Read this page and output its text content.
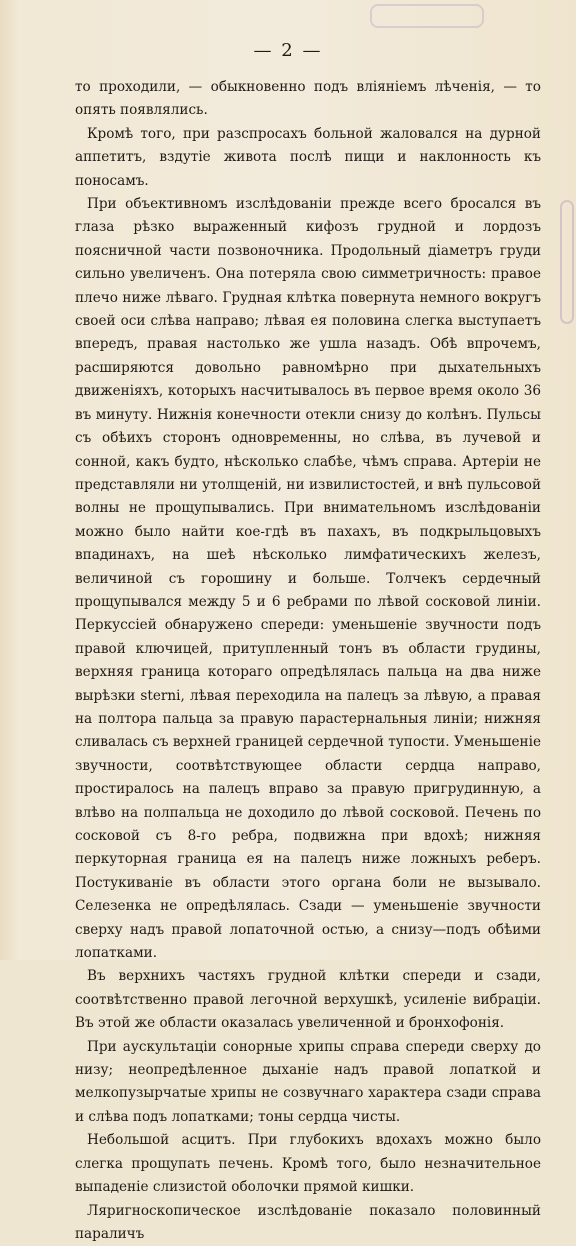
— 2 —

то проходили, — обыкновенно подъ вліяніемъ лѣченія, — то опять появлялись.

Кромѣ того, при разспросахъ больной жаловался на дурной аппетитъ, вздутіе живота послѣ пищи и наклонность къ поносамъ.

При объективномъ изслѣдованіи прежде всего бросался въ глаза рѣзко выраженный кифозъ грудной и лордозъ поясничной части позвоночника. Продольный діаметръ груди сильно увеличенъ. Она потеряла свою симметричность: правое плечо ниже лѣваго. Грудная клѣтка повернута немного вокругъ своей оси слѣва направо; лѣвая ея половина слегка выступаетъ впередъ, правая настолько же ушла назадъ. Обѣ впрочемъ, расширяются довольно равномѣрно при дыхательныхъ движеніяхъ, которыхъ насчитывалось въ первое время около 36 въ минуту. Нижнія конечности отекли снизу до колѣнъ. Пульсы съ обѣихъ сторонъ одновременны, но слѣва, въ лучевой и сонной, какъ будто, нѣсколько слабѣе, чѣмъ справа. Артеріи не представляли ни утолщеній, ни извилистостей, и внѣ пульсовой волны не прощупывались. При внимательномъ изслѣдованіи можно было найти кое-гдѣ въ пахахъ, въ подкрыльцовыхъ впадинахъ, на шеѣ нѣсколько лимфатическихъ железъ, величиной съ горошину и больше. Толчекъ сердечный прощупывался между 5 и 6 ребрами по лѣвой сосковой линіи. Перкуссіей обнаружено спереди: уменьшеніе звучности подъ правой ключицей, притупленный тонъ въ области грудины, верхняя граница котораго опредѣлялась пальца на два ниже вырѣзки sterni, лѣвая переходила на палецъ за лѣвую, а правая на полтора пальца за правую парастернальныя линіи; нижняя сливалась съ верхней границей сердечной тупости. Уменьшеніе звучности, соотвѣтствующее области сердца направо, простиралось на палецъ вправо за правую пригрудинную, а влѣво на полпальца не доходило до лѣвой сосковой. Печень по сосковой съ 8-го ребра, подвижна при вдохѣ; нижняя перкуторная граница ея на палецъ ниже ложныхъ реберъ. Постукиваніе въ области этого органа боли не вызывало. Селезенка не опредѣлялась. Сзади — уменьшеніе звучности сверху надъ правой лопаточной остью, а снизу—подъ обѣими лопатками.

Въ верхнихъ частяхъ грудной клѣтки спереди и сзади, соотвѣтственно правой легочной верхушкѣ, усиленіе вибраціи. Въ этой же области оказалась увеличенной и бронхофонія.

При аускультаціи сонорные хрипы справа спереди сверху до низу; неопредѣленное дыханіе надъ правой лопаткой и мелкопузырчатые хрипы не созвучнаго характера сзади справа и слѣва подъ лопатками; тоны сердца чисты.

Небольшой асцитъ. При глубокихъ вдохахъ можно было слегка прощупать печень. Кромѣ того, было незначительное выпаденіе слизистой оболочки прямой кишки.

Ляригноскопическое изслѣдованіе показало половинный параличъ
